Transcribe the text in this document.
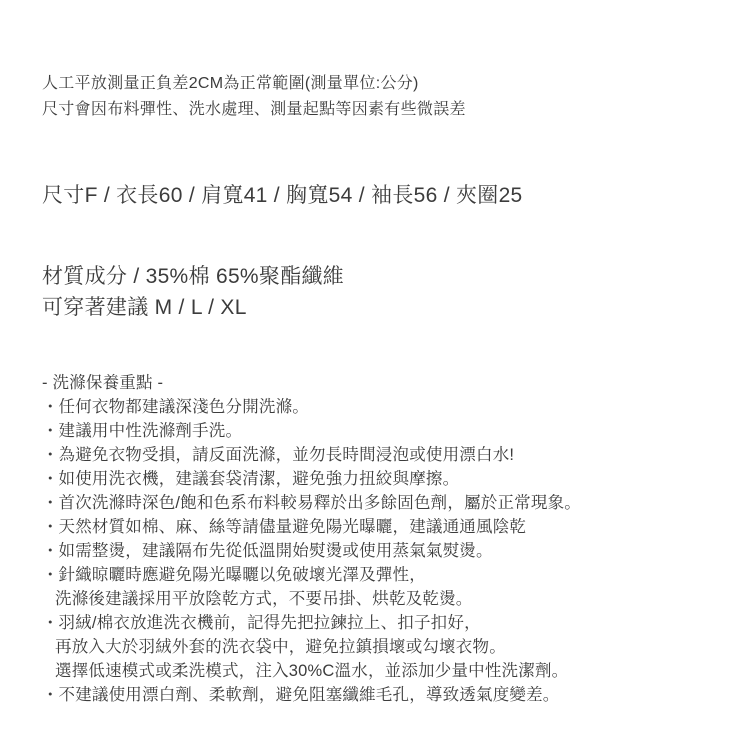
人工平放測量正負差2CM為正常範圍(測量單位:公分)
尺寸會因布料彈性、洗水處理、測量起點等因素有些微誤差
尺寸F / 衣長60 / 肩寬41 / 胸寬54 / 袖長56 / 夾圈25
材質成分 / 35%棉 65%聚酯纖維
可穿著建議 M / L / XL
- 洗滌保養重點 -
・任何衣物都建議深淺色分開洗滌。
・建議用中性洗滌劑手洗。
・為避免衣物受損，請反面洗滌，並勿長時間浸泡或使用漂白水!
・如使用洗衣機，建議套袋清潔，避免強力扭絞與摩擦。
・首次洗滌時深色/飽和色系布料較易釋於出多餘固色劑，屬於正常現象。
・天然材質如棉、麻、絲等請儘量避免陽光曝曬，建議通通風陰乾
・如需整燙，建議隔布先從低溫開始熨燙或使用蒸氣氣熨燙。
・針織晾曬時應避免陽光曝曬以免破壞光澤及彈性，
洗滌後建議採用平放陰乾方式，不要吊掛、烘乾及乾燙。
・羽絨/棉衣放進洗衣機前，記得先把拉鍊拉上、扣子扣好，
再放入大於羽絨外套的洗衣袋中，避免拉鎮損壞或勾壞衣物。
選擇低速模式或柔洗模式，注入30%C溫水，並添加少量中性洗潔劑。
・不建議使用漂白劑、柔軟劑，避免阻塞纖維毛孔，導致透氣度變差。
